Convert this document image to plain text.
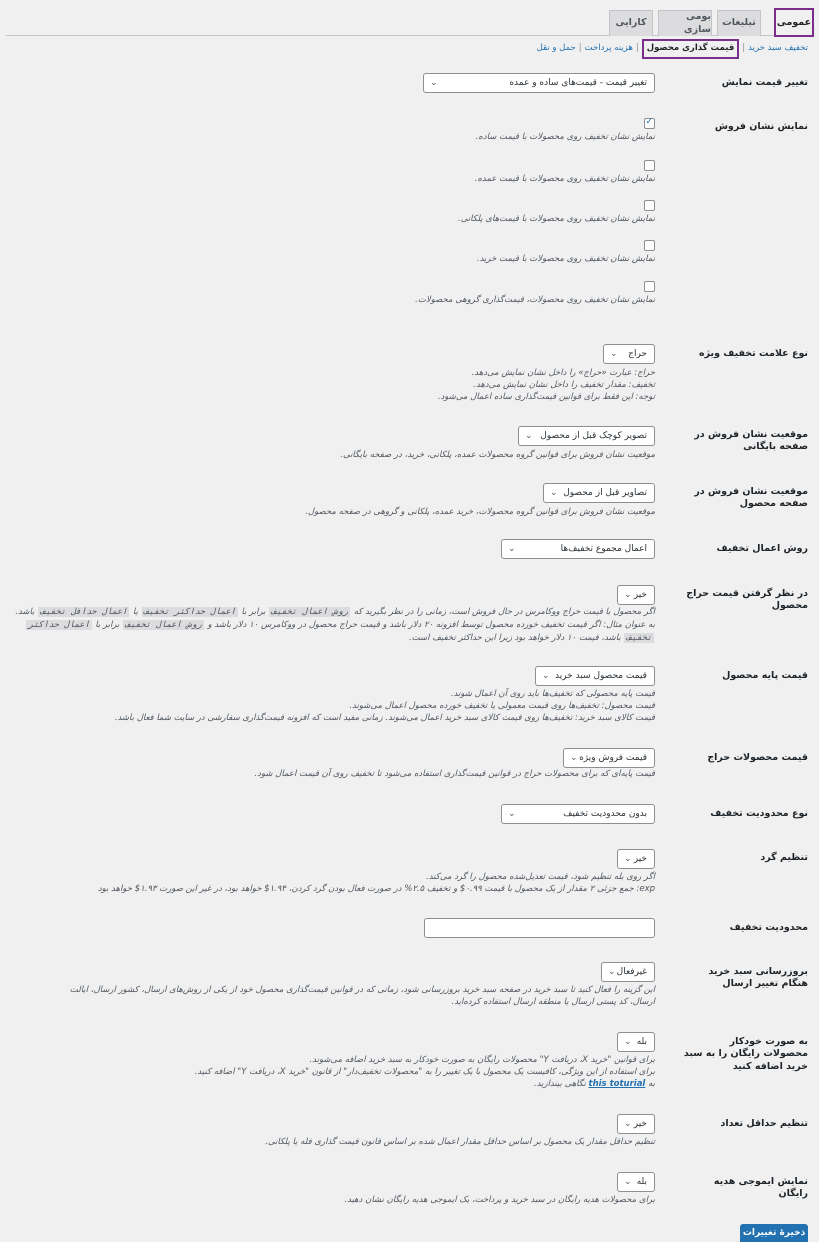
عمومی
تبلیغات
بومی سازی
کارایی
تخفیف سبد خرید
|
قیمت گذاری محصول
|
هزینه پرداخت
|
حمل و نقل
تغییر قیمت نمایش
تغییر قیمت - قیمت‌های ساده و عمده
⌄
نمایش نشان فروش
✓
نمایش نشان تخفیف روی محصولات با قیمت ساده.
نمایش نشان تخفیف روی محصولات با قیمت عمده.
نمایش نشان تخفیف روی محصولات با قیمت‌های پلکانی.
نمایش نشان تخفیف روی محصولات با قیمت خرید.
نمایش نشان تخفیف روی محصولات، قیمت‌گذاری گروهی محصولات.
نوع علامت تخفیف ویژه
حراج
⌄
حراج: عبارت «حراج» را داخل نشان نمایش می‌دهد.
تخفیف: مقدار تخفیف را داخل نشان نمایش می‌دهد.
توجه: این فقط برای قوانین قیمت‌گذاری ساده اعمال می‌شود.
موقعیت نشان فروش در صفحه بایگانی
تصویر کوچک قبل از محصول
⌄
موقعیت نشان فروش برای قوانین گروه محصولات عمده، پلکانی، خرید، در صفحه بایگانی.
موقعیت نشان فروش در صفحه محصول
تصاویر قبل از محصول
⌄
موقعیت نشان فروش برای قوانین گروه محصولات، خرید عمده، پلکانی و گروهی در صفحه محصول.
روش اعمال تخفیف
اعمال مجموع تخفیف‌ها
⌄
در نظر گرفتن قیمت حراج محصول
خیر
⌄
اگر محصول با قیمت حراج ووکامرس در حال فروش است، زمانی را در نظر بگیرید که روش اعمال تخفیف برابر با اعمال حداکثر تخفیف یا اعمال حداقل تخفیف باشد.
به عنوان مثال: اگر قیمت تخفیف خورده محصول توسط افزونه ۲۰ دلار باشد و قیمت حراج محصول در ووکامرس ۱۰ دلار باشد و روش اعمال تخفیف برابر با اعمال حداکثر
تخفیف باشد، قیمت ۱۰ دلار خواهد بود زیرا این حداکثر تخفیف است.
قیمت پایه محصول
قیمت محصول سبد خرید
⌄
قیمت پایه محصولی که تخفیف‌ها باید روی آن اعمال شوند.
قیمت محصول: تخفیف‌ها روی قیمت معمولی یا تخفیف خورده محصول اعمال می‌شوند.
قیمت کالای سبد خرید: تخفیف‌ها روی قیمت کالای سبد خرید اعمال می‌شوند. زمانی مفید است که افزونه قیمت‌گذاری سفارشی در سایت شما فعال باشد.
قیمت محصولات حراج
قیمت فروش ویژه
⌄
قیمت پایه‌ای که برای محصولات حراج در قوانین قیمت‌گذاری استفاده می‌شود تا تخفیف روی آن قیمت اعمال شود.
نوع محدودیت تخفیف
بدون محدودیت تخفیف
⌄
تنظیم گرد
خیر
⌄
اگر روی بله تنظیم شود، قیمت تعدیل‌شده محصول را گرد می‌کند.
exp: جمع جزئی ۲ مقدار از یک محصول با قیمت ۰.۹۹$ و تخفیف ۲.۵% در صورت فعال بودن گرد کردن، ۱.۹۴$ خواهد بود، در غیر این صورت ۱.۹۳$ خواهد بود
محدودیت تخفیف
بروزرسانی سبد خرید هنگام تغییر ارسال
غیرفعال
⌄
این گزینه را فعال کنید تا سبد خرید در صفحه سبد خرید بروزرسانی شود، زمانی که در قوانین قیمت‌گذاری محصول خود از یکی از روش‌های ارسال، کشور ارسال، ایالت
ارسال، کد پستی ارسال یا منطقه ارسال استفاده کرده‌اید.
به صورت خودکار محصولات رایگان را به سبد خرید اضافه کنید
بله
⌄
برای قوانین "خرید X، دریافت Y" محصولات رایگان به صورت خودکار به سبد خرید اضافه می‌شوند.
برای استفاده از این ویژگی، کافیست یک محصول با یک تغییر را به "محصولات تخفیف‌دار" از قانون "خرید X، دریافت Y" اضافه کنید.
به this toturial نگاهی بیندازید.
تنظیم حداقل تعداد
خیر
⌄
تنظیم حداقل مقدار یک محصول بر اساس حداقل مقدار اعمال شده بر اساس قانون قیمت گذاری فله یا پلکانی.
نمایش ایموجی هدیه رایگان
بله
⌄
برای محصولات هدیه رایگان در سبد خرید و پرداخت، یک ایموجی هدیه رایگان نشان دهید.
ذخیرهٔ تغییرات
